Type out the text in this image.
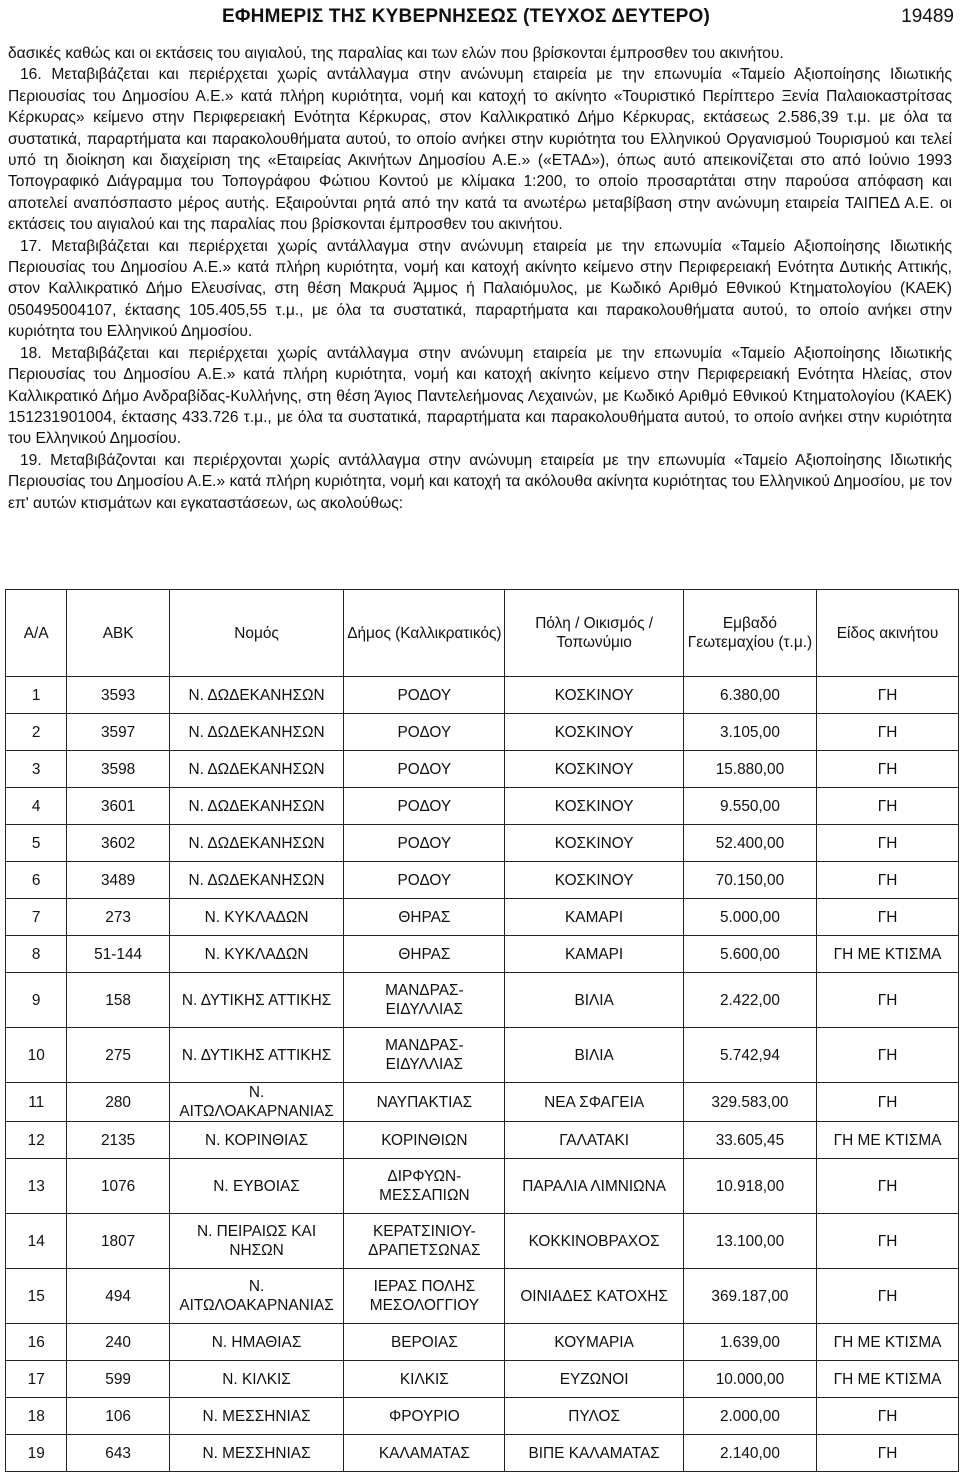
ΕΦΗΜΕΡΙΣ ΤΗΣ ΚΥΒΕΡΝΗΣΕΩΣ (ΤΕΥΧΟΣ ΔΕΥΤΕΡΟ)	19489

δασικές καθώς και οι εκτάσεις του αιγιαλού, της παραλίας και των ελών που βρίσκονται έμπροσθεν του ακινήτου.

16. Μεταβιβάζεται και περιέρχεται χωρίς αντάλλαγμα στην ανώνυμη εταιρεία με την επωνυμία «Ταμείο Αξιοποίησης Ιδιωτικής Περιουσίας του Δημοσίου Α.Ε.» κατά πλήρη κυριότητα, νομή και κατοχή το ακίνητο «Τουριστικό Περίπτερο Ξενία Παλαιοκαστρίτσας Κέρκυρας» κείμενο στην Περιφερειακή Ενότητα Κέρκυρας, στον Καλλικρατικό Δήμο Κέρκυρας, εκτάσεως 2.586,39 τ.μ. με όλα τα συστατικά, παραρτήματα και παρακολουθήματα αυτού, το οποίο ανήκει στην κυριότητα του Ελληνικού Οργανισμού Τουρισμού και τελεί υπό τη διοίκηση και διαχείριση της «Εταιρείας Ακινήτων Δημοσίου Α.Ε.» («ΕΤΑΔ»), όπως αυτό απεικονίζεται στο από Ιούνιο 1993 Τοπογραφικό Διάγραμμα του Τοπογράφου Φώτιου Κοντού με κλίμακα 1:200, το οποίο προσαρτάται στην παρούσα απόφαση και αποτελεί αναπόσπαστο μέρος αυτής. Εξαιρούνται ρητά από την κατά τα ανωτέρω μεταβίβαση στην ανώνυμη εταιρεία ΤΑΙΠΕΔ Α.Ε. οι εκτάσεις του αιγιαλού και της παραλίας που βρίσκονται έμπροσθεν του ακινήτου.

17. Μεταβιβάζεται και περιέρχεται χωρίς αντάλλαγμα στην ανώνυμη εταιρεία με την επωνυμία «Ταμείο Αξιοποίησης Ιδιωτικής Περιουσίας του Δημοσίου Α.Ε.» κατά πλήρη κυριότητα, νομή και κατοχή ακίνητο κείμενο στην Περιφερειακή Ενότητα Δυτικής Αττικής, στον Καλλικρατικό Δήμο Ελευσίνας, στη θέση Μακρυά Άμμος ή Παλαιόμυλος, με Κωδικό Αριθμό Εθνικού Κτηματολογίου (ΚΑΕΚ) 050495004107, έκτασης 105.405,55 τ.μ., με όλα τα συστατικά, παραρτήματα και παρακολουθήματα αυτού, το οποίο ανήκει στην κυριότητα του Ελληνικού Δημοσίου.

18. Μεταβιβάζεται και περιέρχεται χωρίς αντάλλαγμα στην ανώνυμη εταιρεία με την επωνυμία «Ταμείο Αξιοποίησης Ιδιωτικής Περιουσίας του Δημοσίου Α.Ε.» κατά πλήρη κυριότητα, νομή και κατοχή ακίνητο κείμενο στην Περιφερειακή Ενότητα Ηλείας, στον Καλλικρατικό Δήμο Ανδραβίδας-Κυλλήνης, στη θέση Άγιος Παντελεήμονας Λεχαινών, με Κωδικό Αριθμό Εθνικού Κτηματολογίου (ΚΑΕΚ) 151231901004, έκτασης 433.726 τ.μ., με όλα τα συστατικά, παραρτήματα και παρακολουθήματα αυτού, το οποίο ανήκει στην κυριότητα του Ελληνικού Δημοσίου.

19. Μεταβιβάζονται και περιέρχονται χωρίς αντάλλαγμα στην ανώνυμη εταιρεία με την επωνυμία «Ταμείο Αξιοποίησης Ιδιωτικής Περιουσίας του Δημοσίου Α.Ε.» κατά πλήρη κυριότητα, νομή και κατοχή τα ακόλουθα ακίνητα κυριότητας του Ελληνικού Δημοσίου, με τον επ' αυτών κτισμάτων και εγκαταστάσεων, ως ακολούθως:

Α/Α	ΑΒΚ	Νομός	Δήμος (Καλλικρατικός)	Πόλη / Οικισμός / Τοπωνύμιο	Εμβαδό Γεωτεμαχίου (τ.μ.)	Είδος ακινήτου
1	3593	Ν. ΔΩΔΕΚΑΝΗΣΩΝ	ΡΟΔΟΥ	ΚΟΣΚΙΝΟΥ	6.380,00	ΓΗ
2	3597	Ν. ΔΩΔΕΚΑΝΗΣΩΝ	ΡΟΔΟΥ	ΚΟΣΚΙΝΟΥ	3.105,00	ΓΗ
3	3598	Ν. ΔΩΔΕΚΑΝΗΣΩΝ	ΡΟΔΟΥ	ΚΟΣΚΙΝΟΥ	15.880,00	ΓΗ
4	3601	Ν. ΔΩΔΕΚΑΝΗΣΩΝ	ΡΟΔΟΥ	ΚΟΣΚΙΝΟΥ	9.550,00	ΓΗ
5	3602	Ν. ΔΩΔΕΚΑΝΗΣΩΝ	ΡΟΔΟΥ	ΚΟΣΚΙΝΟΥ	52.400,00	ΓΗ
6	3489	Ν. ΔΩΔΕΚΑΝΗΣΩΝ	ΡΟΔΟΥ	ΚΟΣΚΙΝΟΥ	70.150,00	ΓΗ
7	273	Ν. ΚΥΚΛΑΔΩΝ	ΘΗΡΑΣ	ΚΑΜΑΡΙ	5.000,00	ΓΗ
8	51-144	Ν. ΚΥΚΛΑΔΩΝ	ΘΗΡΑΣ	ΚΑΜΑΡΙ	5.600,00	ΓΗ ΜΕ ΚΤΙΣΜΑ
9	158	Ν. ΔΥΤΙΚΗΣ ΑΤΤΙΚΗΣ	ΜΑΝΔΡΑΣ- ΕΙΔΥΛΛΙΑΣ	ΒΙΛΙΑ	2.422,00	ΓΗ
10	275	Ν. ΔΥΤΙΚΗΣ ΑΤΤΙΚΗΣ	ΜΑΝΔΡΑΣ- ΕΙΔΥΛΛΙΑΣ	ΒΙΛΙΑ	5.742,94	ΓΗ
11	280	Ν. ΑΙΤΩΛΟΑΚΑΡΝΑΝΙΑΣ	ΝΑΥΠΑΚΤΙΑΣ	ΝΕΑ ΣΦΑΓΕΙΑ	329.583,00	ΓΗ
12	2135	Ν. ΚΟΡΙΝΘΙΑΣ	ΚΟΡΙΝΘΙΩΝ	ΓΑΛΑΤΑΚΙ	33.605,45	ΓΗ ΜΕ ΚΤΙΣΜΑ
13	1076	Ν. ΕΥΒΟΙΑΣ	ΔΙΡΦΥΩΝ- ΜΕΣΣΑΠΙΩΝ	ΠΑΡΑΛΙΑ ΛΙΜΝΙΩΝΑ	10.918,00	ΓΗ
14	1807	Ν. ΠΕΙΡΑΙΩΣ ΚΑΙ ΝΗΣΩΝ	ΚΕΡΑΤΣΙΝΙΟΥ- ΔΡΑΠΕΤΣΩΝΑΣ	ΚΟΚΚΙΝΟΒΡΑΧΟΣ	13.100,00	ΓΗ
15	494	Ν. ΑΙΤΩΛΟΑΚΑΡΝΑΝΙΑΣ	ΙΕΡΑΣ ΠΟΛΗΣ ΜΕΣΟΛΟΓΓΙΟΥ	ΟΙΝΙΑΔΕΣ ΚΑΤΟΧΗΣ	369.187,00	ΓΗ
16	240	Ν. ΗΜΑΘΙΑΣ	ΒΕΡΟΙΑΣ	ΚΟΥΜΑΡΙΑ	1.639,00	ΓΗ ΜΕ ΚΤΙΣΜΑ
17	599	Ν. ΚΙΛΚΙΣ	ΚΙΛΚΙΣ	ΕΥΖΩΝΟΙ	10.000,00	ΓΗ ΜΕ ΚΤΙΣΜΑ
18	106	Ν. ΜΕΣΣΗΝΙΑΣ	ΦΡΟΥΡΙΟ	ΠΥΛΟΣ	2.000,00	ΓΗ
19	643	Ν. ΜΕΣΣΗΝΙΑΣ	ΚΑΛΑΜΑΤΑΣ	ΒΙΠΕ ΚΑΛΑΜΑΤΑΣ	2.140,00	ΓΗ
